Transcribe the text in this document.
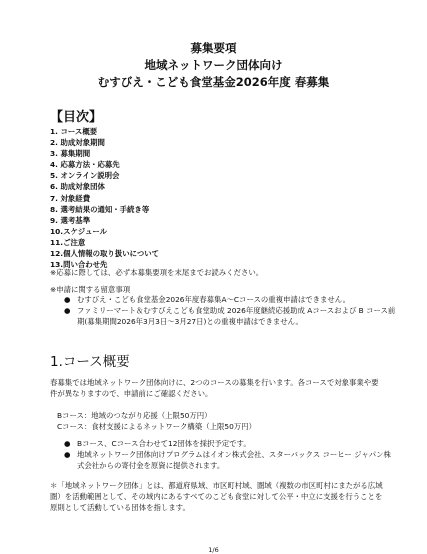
募集要項
地域ネットワーク団体向け
むすびえ・こども食堂基金2026年度 春募集
【目次】
1. コース概要
2. 助成対象期間
3. 募集期間
4. 応募方法・応募先
5. オンライン説明会
6. 助成対象団体
7. 対象経費
8. 選考結果の通知・手続き等
9. 選考基準
10.スケジュール
11.ご注意
12.個人情報の取り扱いについて
13.問い合わせ先
※応募に際しては、必ず本募集要項を末尾までお読みください。
※申請に関する留意事項
● むすびえ・こども食堂基金2026年度春募集A～Cコースの重複申請はできません。
● ファミリーマート＆むすびえこども食堂助成 2026年度継続応援助成 Aコースおよび B コース前期(募集期間2026年3月3日～3月27日)との重複申請はできません。
1.コース概要
春募集では地域ネットワーク団体向けに、2つのコースの募集を行います。各コースで対象事業や要件が異なりますので、申請前にご確認ください。
Bコース：地域のつながり応援（上限50万円）
Cコース：食材支援によるネットワーク構築（上限50万円）
● Bコース、Cコース合わせて12団体を採択予定です。
● 地域ネットワーク団体向けプログラムはイオン株式会社、スターバックス コーヒー ジャパン株式会社からの寄付金を原資に提供されます。
＊「地域ネットワーク団体」とは、都道府県域、市区町村域、圏域（複数の市区町村にまたがる広域圏）を活動範囲として、その域内にあるすべてのこども食堂に対して公平・中立に支援を行うことを原則として活動している団体を指します。
1/6
